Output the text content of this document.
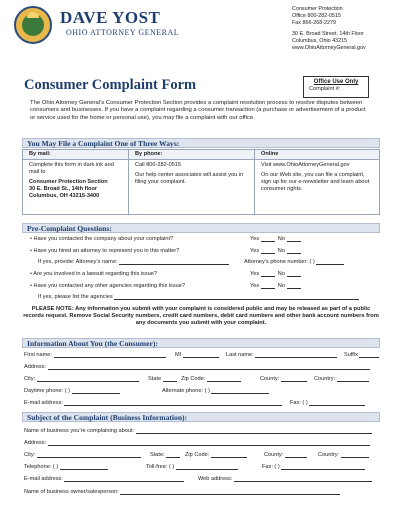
DAVE YOST
OHIO ATTORNEY GENERAL
Consumer Protection
Office 800-282-0515
Fax 866-268-2279
30 E. Broad Street, 14th Floor
Columbus, Ohio 43215
www.OhioAttorneyGeneral.gov
Consumer Complaint Form	Office Use Only
Complaint #:
The Ohio Attorney General’s Consumer Protection Section provides a complaint resolution process to resolve disputes between consumers and businesses. If you have a complaint regarding a consumer transaction (a purchase or advertisement of a product or service used for the home or personal use), you may file a complaint with our office.
You May File a Complaint One of Three Ways:
By mail:
Complete this form in dark ink and mail to
Consumer Protection Section
30 E. Broad St., 14th floor
Columbus, OH 43215-3400
By phone:
Call 800-282-0515
Our help center associates will assist you in filing your complaint.
Online
Visit www.OhioAttorneyGeneral.gov
On our Web site, you can file a complaint, sign up for our e-newsletter and learn about consumer rights.
Pre-Complaint Questions:
• Have you contacted the company about your complaint?	Yes	No
• Have you hired an attorney to represent you in this matter?	Yes	No
If yes, provide: Attorney’s name:	Attorney’s phone number: ( )
• Are you involved in a lawsuit regarding this issue?	Yes	No
• Have you contacted any other agencies regarding this issue?	Yes	No
If yes, please list the agencies
PLEASE NOTE: Any information you submit with your complaint is considered public and may be released as part of a public records request. Remove Social Security numbers, credit card numbers, debit card numbers and other bank account numbers from any documents you submit with your complaint.
Information About You (the Consumer):
First name:	MI	Last name:	Suffix
Address:
City:	State	Zip Code:	County:	Country:
Daytime phone: ( )	Alternate phone: ( )
E-mail address:	Fax: ( )
Subject of the Complaint (Business Information):
Name of business you’re complaining about:
Address:
City:	State:	Zip Code:	County:	Country:
Telephone: ( )	Toll-free: ( )	Fax: ( )
E-mail address:	Web address:
Name of business owner/salesperson:
